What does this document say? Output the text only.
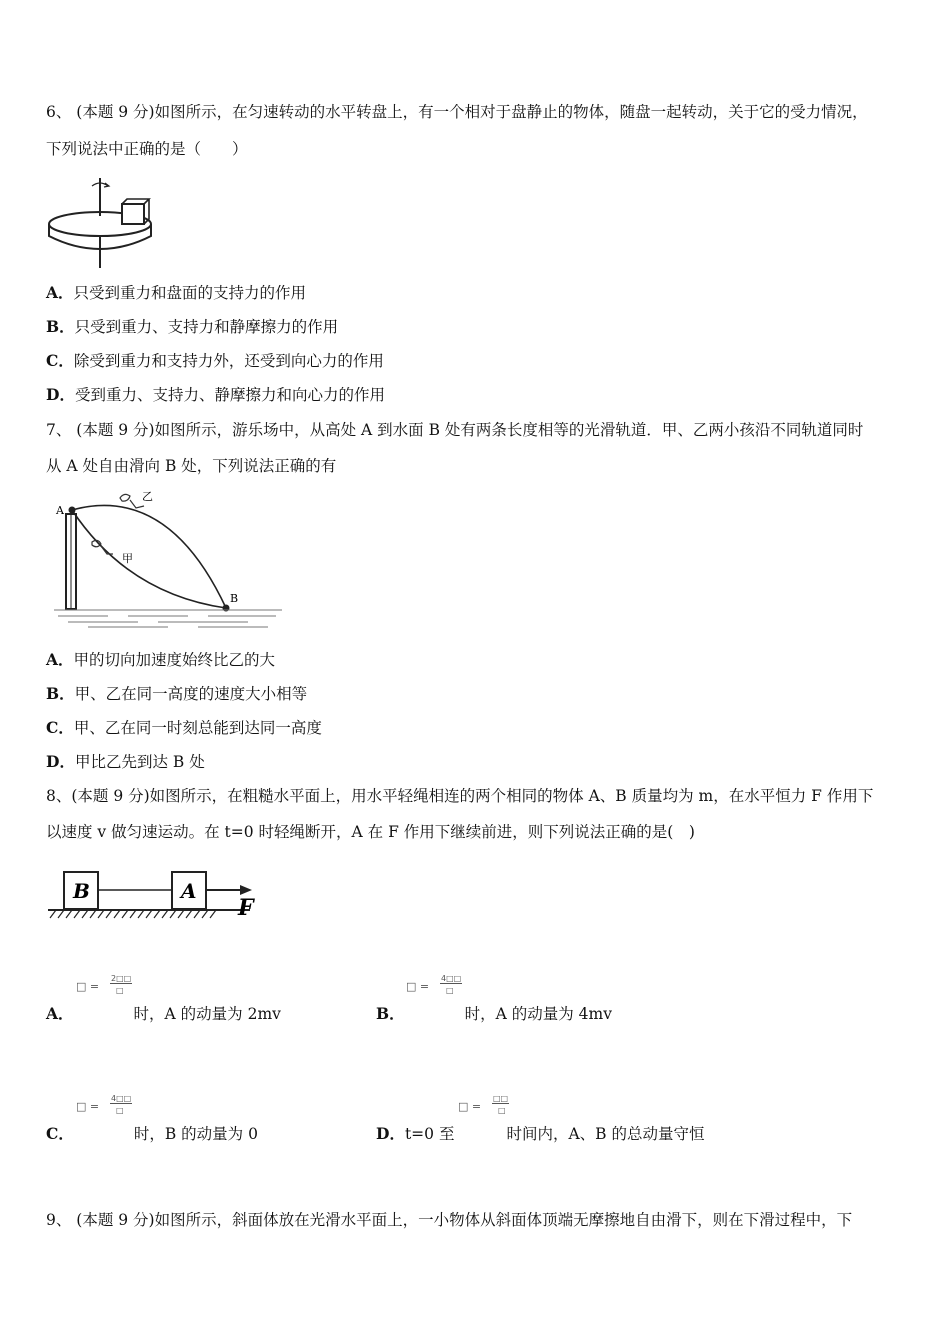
6、 (本题 9 分)如图所示，在匀速转动的水平转盘上，有一个相对于盘静止的物体，随盘一起转动，关于它的受力情况，
下列说法中正确的是（　　）
A．只受到重力和盘面的支持力的作用
B．只受到重力、支持力和静摩擦力的作用
C．除受到重力和支持力外，还受到向心力的作用
D．受到重力、支持力、静摩擦力和向心力的作用
7、 (本题 9 分)如图所示，游乐场中，从高处 A 到水面 B 处有两条长度相等的光滑轨道．甲、乙两小孩沿不同轨道同时
从 A 处自由滑向 B 处，下列说法正确的有
A
B
乙
甲
A．甲的切向加速度始终比乙的大
B．甲、乙在同一高度的速度大小相等
C．甲、乙在同一时刻总能到达同一高度
D．甲比乙先到达 B 处
8、(本题 9 分)如图所示，在粗糙水平面上，用水平轻绳相连的两个相同的物体 A、B 质量均为 m，在水平恒力 F 作用下
以速度 v 做匀速运动。在 t=0 时轻绳断开，A 在 F 作用下继续前进，则下列说法正确的是(　)
B	A
F
□ =
2□□
□
A．	时，A 的动量为 2mv
□ =
4□□
□
B．	时，A 的动量为 4mv
□ =
4□□
□
C．	时，B 的动量为 0
□ =
□□
□
D．t=0 至	时间内，A、B 的总动量守恒
9、 (本题 9 分)如图所示，斜面体放在光滑水平面上，一小物体从斜面体顶端无摩擦地自由滑下，则在下滑过程中，下
